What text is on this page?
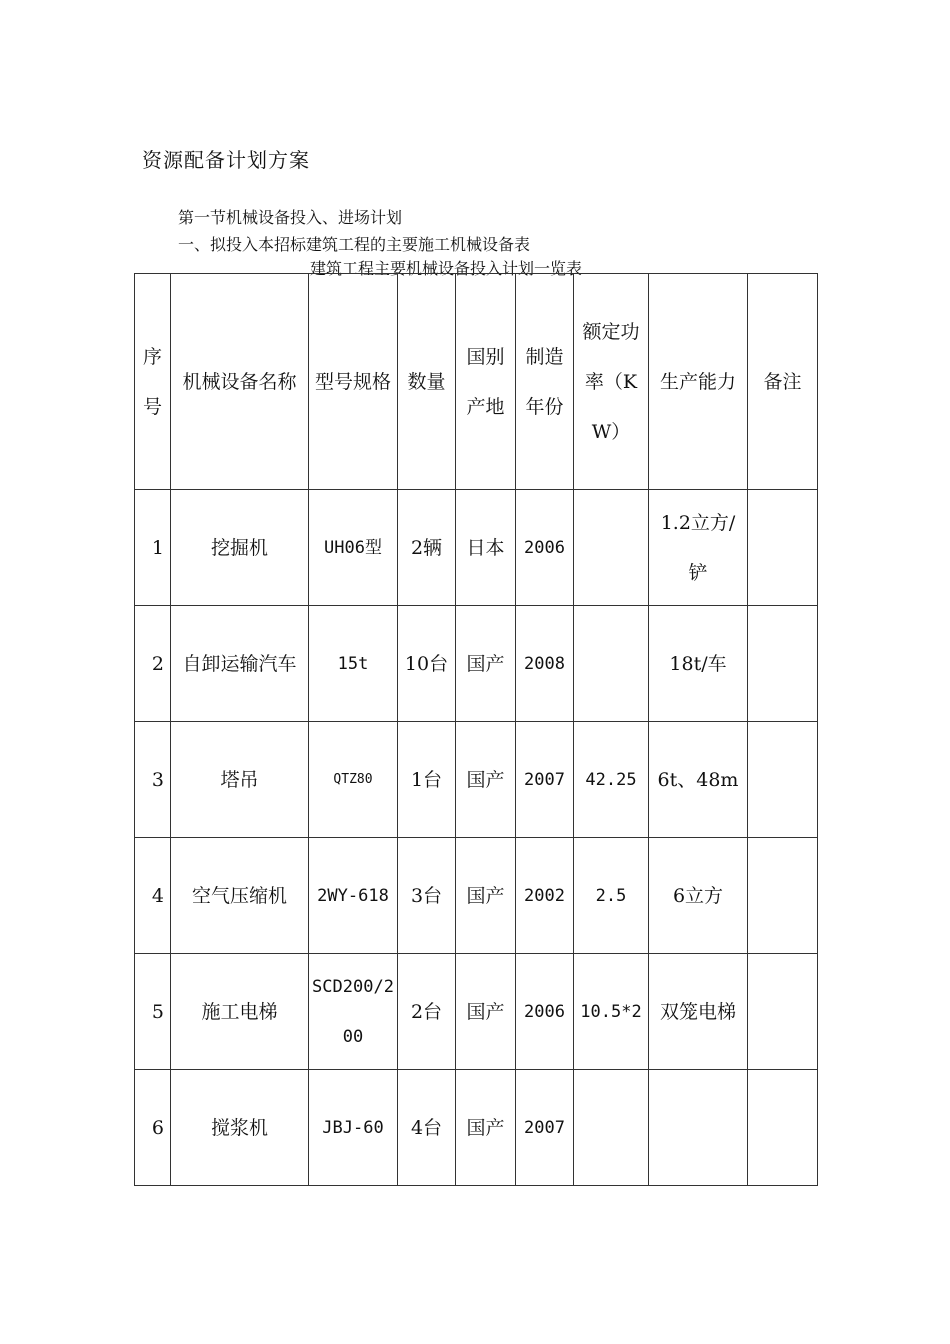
资源配备计划方案
第一节机械设备投入、进场计划
一、拟投入本招标建筑工程的主要施工机械设备表
建筑工程主要机械设备投入计划一览表
序号	机械设备名称	型号规格	数量	国别产地	制造年份	额定功率（KW）	生产能力	备注
1	挖掘机	UH06型	2辆	日本	2006		1.2立方/铲	
2	自卸运输汽车	15t	10台	国产	2008		18t/车	
3	塔吊	QTZ80	1台	国产	2007	42.25	6t、48m	
4	空气压缩机	2WY-618	3台	国产	2002	2.5	6立方	
5	施工电梯	SCD200/200	2台	国产	2006	10.5*2	双笼电梯	
6	搅浆机	JBJ-60	4台	国产	2007			
